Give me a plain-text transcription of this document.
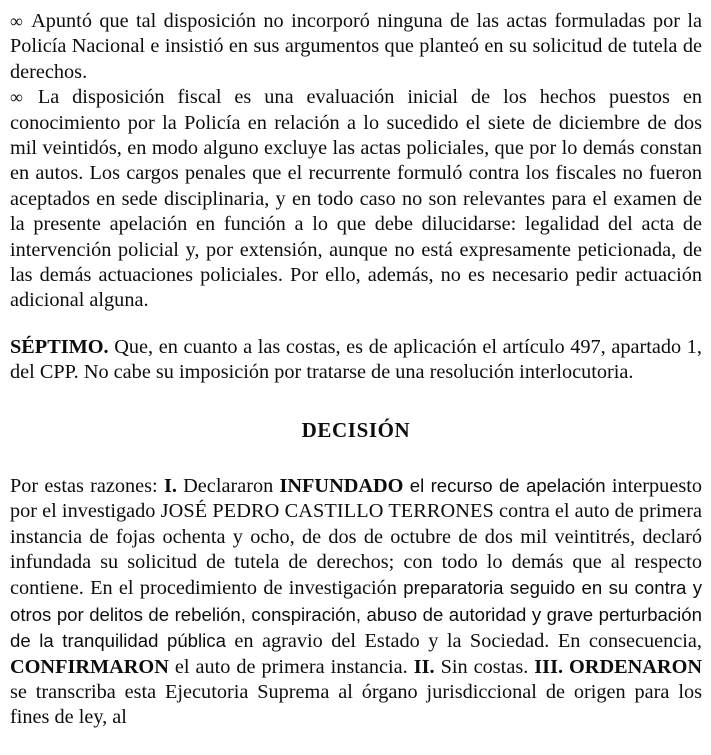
∞ Apuntó que tal disposición no incorporó ninguna de las actas formuladas por la Policía Nacional e insistió en sus argumentos que planteó en su solicitud de tutela de derechos.

∞ La disposición fiscal es una evaluación inicial de los hechos puestos en conocimiento por la Policía en relación a lo sucedido el siete de diciembre de dos mil veintidós, en modo alguno excluye las actas policiales, que por lo demás constan en autos. Los cargos penales que el recurrente formuló contra los fiscales no fueron aceptados en sede disciplinaria, y en todo caso no son relevantes para el examen de la presente apelación en función a lo que debe dilucidarse: legalidad del acta de intervención policial y, por extensión, aunque no está expresamente peticionada, de las demás actuaciones policiales. Por ello, además, no es necesario pedir actuación adicional alguna.

SÉPTIMO. Que, en cuanto a las costas, es de aplicación el artículo 497, apartado 1, del CPP. No cabe su imposición por tratarse de una resolución interlocutoria.

DECISIÓN

Por estas razones: I. Declararon INFUNDADO el recurso de apelación interpuesto por el investigado JOSÉ PEDRO CASTILLO TERRONES contra el auto de primera instancia de fojas ochenta y ocho, de dos de octubre de dos mil veintitrés, declaró infundada su solicitud de tutela de derechos; con todo lo demás que al respecto contiene. En el procedimiento de investigación preparatoria seguido en su contra y otros por delitos de rebelión, conspiración, abuso de autoridad y grave perturbación de la tranquilidad pública en agravio del Estado y la Sociedad. En consecuencia, CONFIRMARON el auto de primera instancia. II. Sin costas. III. ORDENARON se transcriba esta Ejecutoria Suprema al órgano jurisdiccional de origen para los fines de ley, al
